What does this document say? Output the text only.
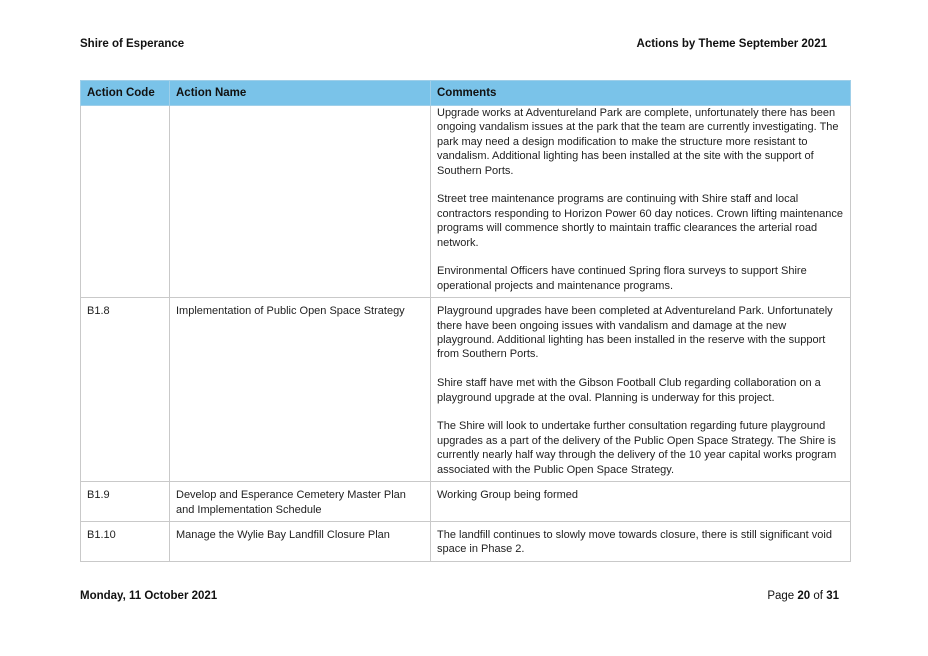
Shire of Esperance	Actions by Theme September 2021
Action Code	Action Name	Comments

		Upgrade works at Adventureland Park are complete, unfortunately there has been ongoing vandalism issues at the park that the team are currently investigating. The park may need a design modification to make the structure more resistant to vandalism. Additional lighting has been installed at the site with the support of Southern Ports.

Street tree maintenance programs are continuing with Shire staff and local contractors responding to Horizon Power 60 day notices. Crown lifting maintenance programs will commence shortly to maintain traffic clearances the arterial road network.

Environmental Officers have continued Spring flora surveys to support Shire operational projects and maintenance programs.

B1.8	Implementation of Public Open Space Strategy	Playground upgrades have been completed at Adventureland Park. Unfortunately there have been ongoing issues with vandalism and damage at the new playground. Additional lighting has been installed in the reserve with the support from Southern Ports.

Shire staff have met with the Gibson Football Club regarding collaboration on a playground upgrade at the oval. Planning is underway for this project.

The Shire will look to undertake further consultation regarding future playground upgrades as a part of the delivery of the Public Open Space Strategy. The Shire is currently nearly half way through the delivery of the 10 year capital works program associated with the Public Open Space Strategy.

B1.9	Develop and Esperance Cemetery Master Plan and Implementation Schedule	Working Group being formed

B1.10	Manage the Wylie Bay Landfill Closure Plan	The landfill continues to slowly move towards closure, there is still significant void space in Phase 2.

Monday, 11 October 2021	Page 20 of 31
